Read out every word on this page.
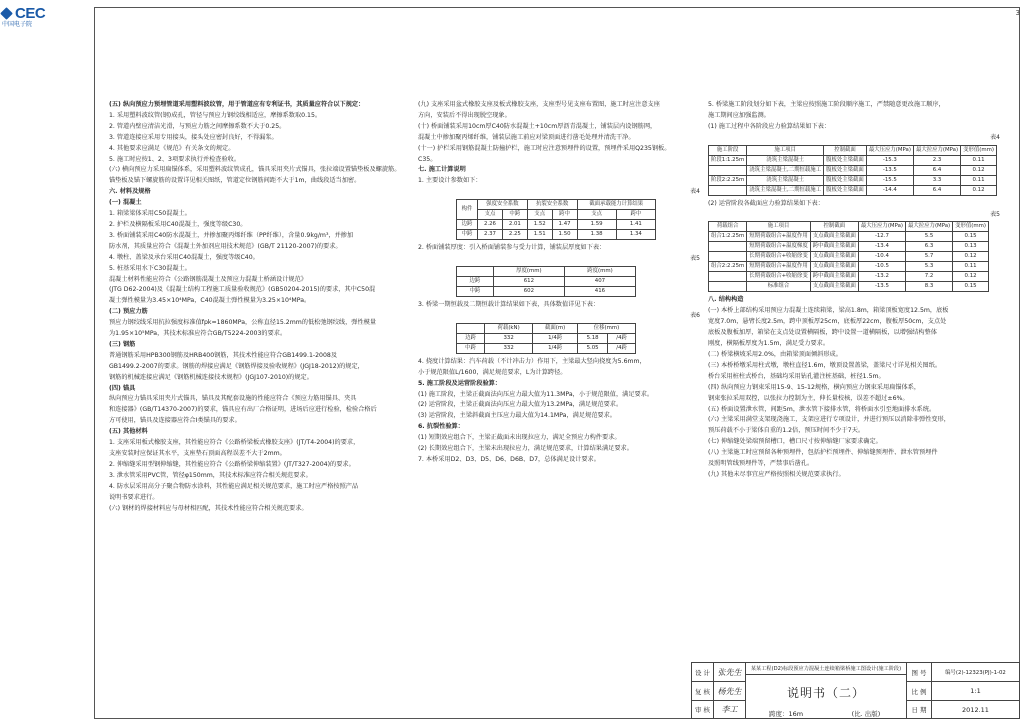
CEC
中国电子院
3

(五) 纵向预应力预埋管道采用塑料波纹管，用于管道应有专利证书，其质量应符合以下规定：

1. 采用塑料波纹管(钢)成孔，管径与预应力钢绞线相适应，摩擦系数取0.15。

2. 管道内壁应清洁光滑，与预应力筋之间摩擦系数不大于0.25。

3. 管道连接应采用专用接头，接头处应密封良好，不得漏浆。

4. 其他要求应满足《规范》有关条文的规定。

5. 施工时应按1、2、3项要求执行并检查验收。

(六) 横向预应力采用扁锚体系，采用塑料波纹管成孔，锚具采用夹片式锚具，张拉端设置锚垫板及螺旋筋。

锚垫板及锚下螺旋筋的设置详见相关图纸，管道定位钢筋间距不大于1m，曲线段适当加密。

六. 材料及规格

(一) 混凝土

1. 箱梁梁体采用C50混凝土。

2. 护栏及横隔板采用C40混凝土，强度等级C30。

3. 桥面铺装采用C40防水混凝土，并掺加聚丙烯纤维（PP纤维），含量0.9kg/m³，并掺加

防水剂，其质量应符合《混凝土外加剂应用技术规范》(GB/T 21120-2007)的要求。

4. 墩柱、盖梁及承台采用C40混凝土，强度等级C40。

5. 桩基采用水下C30混凝土。

混凝土材料性能应符合《公路钢筋混凝土及预应力混凝土桥涵设计规范》

(JTG D62-2004)及《混凝土结构工程施工质量验收规范》(GB50204-2015)的要求，其中C50混

凝土弹性模量为3.45×10⁴MPa，C40混凝土弹性模量为3.25×10⁴MPa。

(二) 预应力筋

预应力钢绞线采用抗拉强度标准值fpk=1860MPa，公称直径15.2mm的低松弛钢绞线，弹性模量

为1.95×10⁵MPa，其技术标准应符合GB/T5224-2003的要求。

(三) 钢筋

普通钢筋采用HPB300钢筋及HRB400钢筋，其技术性能应符合GB1499.1-2008及

GB1499.2-2007的要求。钢筋的焊接应满足《钢筋焊接及验收规程》(JGJ18-2012)的规定，

钢筋的机械连接应满足《钢筋机械连接技术规程》(JGJ107-2010)的规定。

(四) 锚具

纵向预应力锚具采用夹片式锚具，锚具及其配套设施的性能应符合《预应力筋用锚具、夹具

和连接器》(GB/T14370-2007)的要求，锚具应有出厂合格证明，进场后应进行检验，检验合格后

方可使用，锚具及连接器应符合I类锚具的要求。

(五) 其他材料

1. 支座采用板式橡胶支座，其性能应符合《公路桥梁板式橡胶支座》(JT/T4-2004)的要求，

支座安装时应保证其水平，支座垫石顶面高程误差不大于2mm。

2. 伸缩缝采用型钢伸缩缝，其性能应符合《公路桥梁伸缩装置》(JT/T327-2004)的要求。

3. 泄水管采用PVC管，管径φ150mm，其技术标准应符合相关规范要求。

4. 防水层采用高分子聚合物防水涂料，其性能应满足相关规范要求，施工时应严格按照产品

说明书要求进行。

(六) 钢材的焊接材料应与母材相匹配，其技术性能应符合相关规范要求。

(九) 支座采用盆式橡胶支座及板式橡胶支座，支座型号见支座布置图，施工时应注意支座

方向，安装后不得出现脱空现象。

(十) 桥面铺装采用10cm厚C40防水混凝土+10cm厚沥青混凝土，铺装层内设钢筋网，

混凝土中掺加聚丙烯纤维，铺装层施工前应对梁顶面进行凿毛处理并清洗干净。

(十一) 护栏采用钢筋混凝土防撞护栏，施工时应注意预埋件的设置，预埋件采用Q235钢板。

C35。

七. 施工计算说明

1. 主要设计参数如下：

表4

构件	强度安全系数		抗裂安全系数		截面承载能力计算结果	
	支点	中跨	支点	跨中	支点	跨中
边跨	2.26	2.01	1.52	1.47	1.59	1.41
中跨	2.37	2.25	1.51	1.50	1.38	1.34

2. 桥面铺装厚度：引入桥面铺装参与受力计算，铺装层厚度如下表：

表5

	厚度(mm)	跨度(mm)
边跨	612	407
中跨	602	416

3. 桥梁一期恒载及二期恒载计算结果如下表，具体数值详见下表：

表6

	荷载(kN)	截面(m)	位移(mm)	
边跨	332	1/4跨	5.18	/4跨
中跨	332	1/4跨	5.05	/4跨

4. 挠度计算结果：汽车荷载（不计冲击力）作用下，主梁最大竖向挠度为5.6mm，

小于规范限值L/1600，满足规范要求，L为计算跨径。

5. 施工阶段及运营阶段验算：

(1) 施工阶段，主梁正截面法向压应力最大值为11.3MPa，小于规范限值，满足要求。

(2) 运营阶段，主梁正截面法向压应力最大值为13.2MPa，满足规范要求。

(3) 运营阶段，主梁斜截面主压应力最大值为14.1MPa，满足规范要求。

6. 抗裂性验算：

(1) 短期效应组合下，主梁正截面未出现拉应力，满足全预应力构件要求。

(2) 长期效应组合下，主梁未出现拉应力，满足规范要求，计算结果满足要求。

7. 本桥采用D2、D3、D5、D6、D6B、D7，总体满足设计要求。

5. 桥梁施工阶段划分如下表，主梁应按照施工阶段顺序施工，严禁随意更改施工顺序，

施工期间应加强监测。

(1) 施工过程中各阶段应力验算结果如下表：

表4

施工阶段	施工项目	控制截面	最大压应力(MPa)	最大拉应力(MPa)	变形值(mm)
阶段1:1.25m	浇筑主梁混凝土	腹板处主梁截面	-15.3	2.3	0.11
	浇筑主梁混凝土,二期恒载施工	腹板处主梁截面	-13.5	6.4	0.12
阶段2:2.25m	浇筑主梁混凝土	腹板处主梁截面	-15.5	3.3	0.11
	浇筑主梁混凝土,二期恒载施工	腹板处主梁截面	-14.4	6.4	0.12

(2) 运营阶段各截面应力验算结果如下表：

表5

荷载组合	施工项目	控制截面	最大压应力(MPa)	最大拉应力(MPa)	变形值(mm)
组合1:2.25m	短期荷载组合+温度作用	支点截面主梁截面	-12.7	5.5	0.15
	短期荷载组合+温度梯度	跨中截面主梁截面	-13.4	6.3	0.13
	长期荷载组合+收缩徐变	支点截面主梁截面	-10.4	5.7	0.12
组合2:2.25m	短期荷载组合+温度作用	支点截面主梁截面	-10.5	5.3	0.11
	长期荷载组合+收缩徐变	跨中截面主梁截面	-13.2	7.2	0.12
	标准组合	支点截面主梁截面	-13.5	8.3	0.15

八. 结构构造

(一) 本桥上部结构采用预应力混凝土连续箱梁，梁高1.8m，箱梁顶板宽度12.5m，底板

宽度7.0m，悬臂长度2.5m，跨中顶板厚25cm，底板厚22cm，腹板厚50cm，支点处

底板及腹板加厚，箱梁在支点处设置横隔板，跨中设置一道横隔板，以增强结构整体

刚度，横隔板厚度为1.5m，满足受力要求。

(二) 桥梁横坡采用2.0%，由箱梁顶面倾斜形成。

(三) 本桥桥墩采用柱式墩，墩柱直径1.6m，墩顶设置盖梁，盖梁尺寸详见相关图纸。

桥台采用桩柱式桥台，基础均采用钻孔灌注桩基础，桩径1.5m。

(四) 纵向预应力钢束采用15-9、15-12规格，横向预应力钢束采用扁锚体系，

钢束张拉采用双控，以张拉力控制为主，伸长量校核，误差不超过±6%。

(五) 桥面设置泄水管，间距5m，泄水管下接排水管，将桥面水引至地面排水系统。

(六) 主梁采用满堂支架现浇施工，支架应进行专项设计，并进行预压以消除非弹性变形，

预压荷载不小于梁体自重的1.2倍，预压时间不少于7天。

(七) 伸缩缝处梁端预留槽口，槽口尺寸按伸缩缝厂家要求确定。

(八) 主梁施工时应预留各种预埋件，包括护栏预埋件、伸缩缝预埋件、泄水管预埋件

及照明管线预埋件等，严禁事后凿孔。

(九) 其他未尽事宜应严格按照相关规范要求执行。

设 计 张先生
复 核 杨先生
审 核	李工
某某工程(D2)标段预应力混凝土连续箱梁桥施工图设计(施工阶段)
说明书（二）
跨度：16m	(比. 出版)
图 号	编号(2)-12323(PJ)-1-02
比 例	1:1
日 期	2012.11
